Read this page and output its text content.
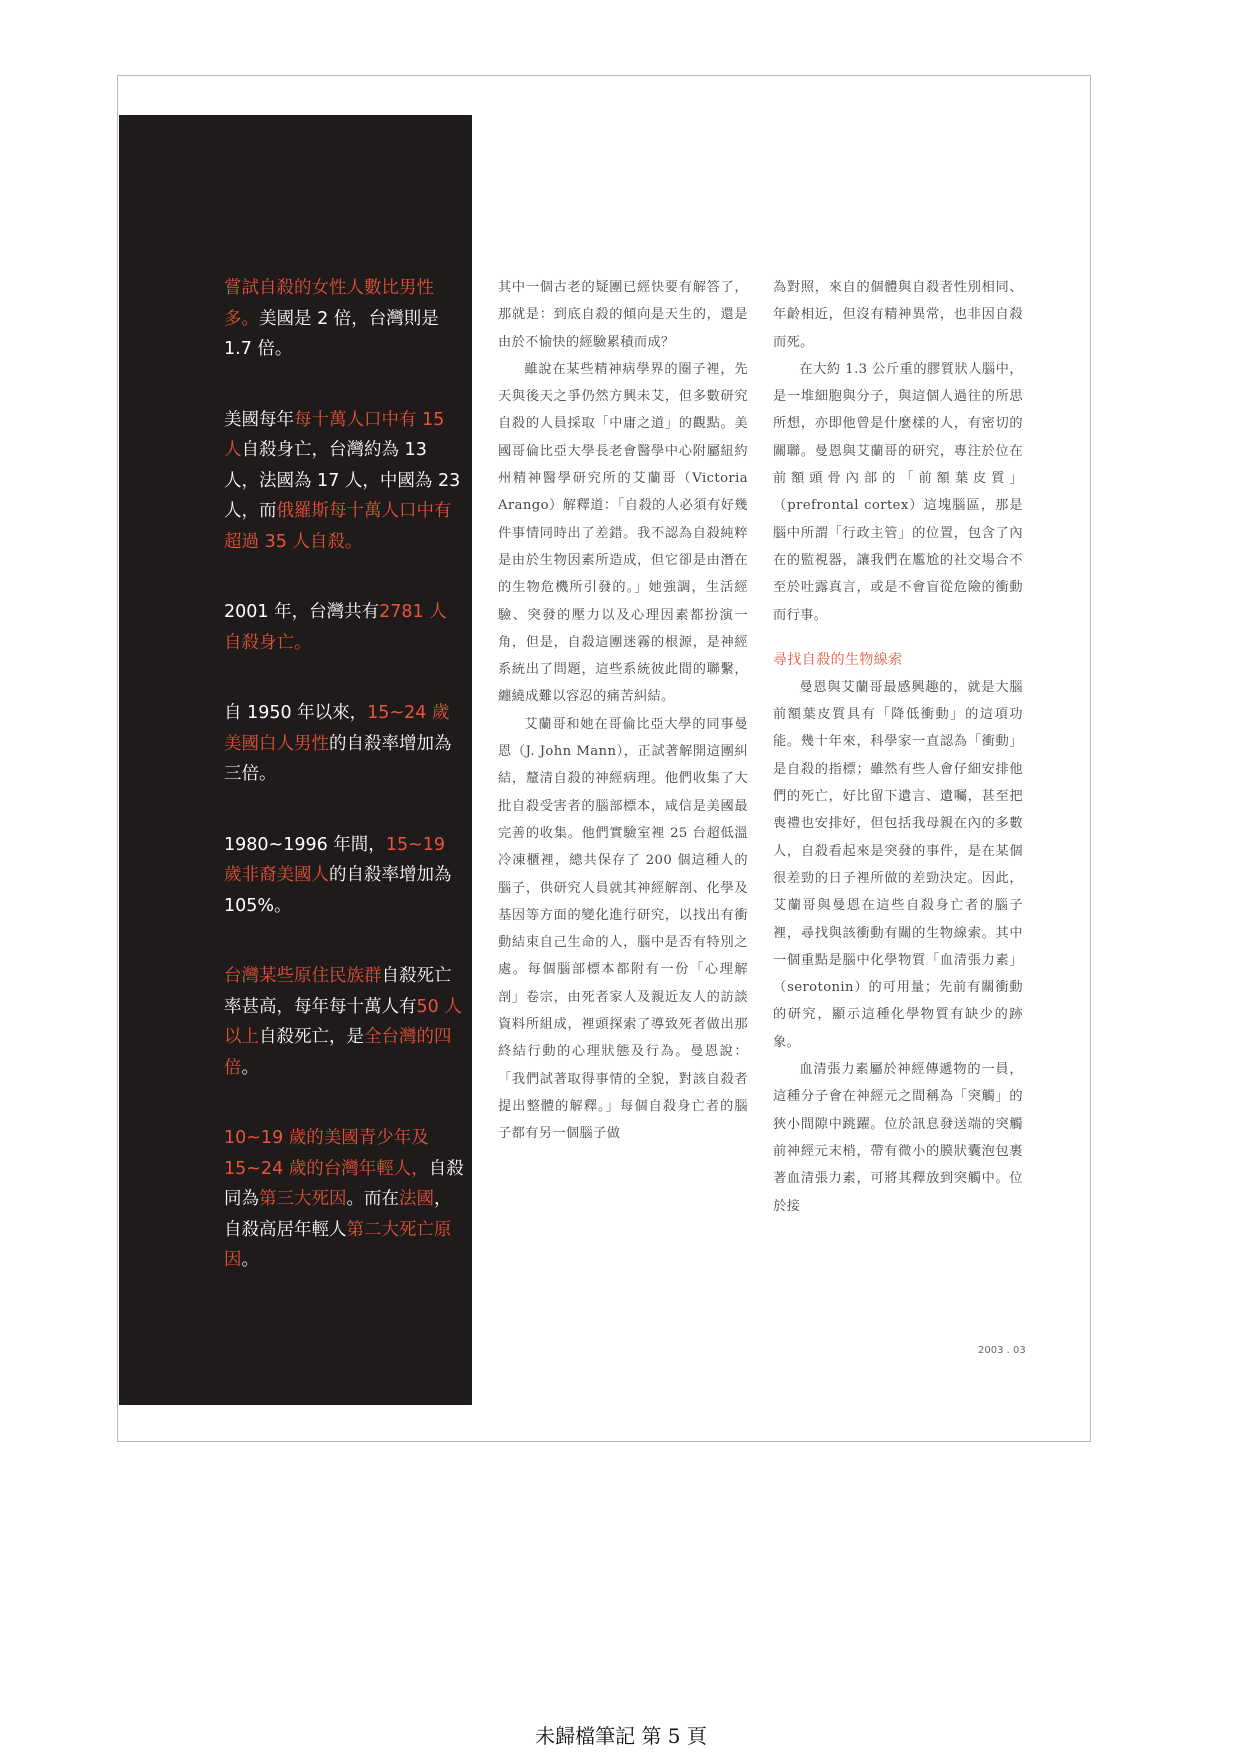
嘗試自殺的女性人數比男性多。美國是 2 倍，台灣則是 1.7 倍。

美國每年每十萬人口中有 15 人自殺身亡，台灣約為 13 人，法國為 17 人，中國為 23 人，而俄羅斯每十萬人口中有超過 35 人自殺。

2001 年，台灣共有2781 人自殺身亡。

自 1950 年以來，15~24 歲美國白人男性的自殺率增加為三倍。

1980~1996 年間，15~19 歲非裔美國人的自殺率增加為 105%。

台灣某些原住民族群自殺死亡率甚高，每年每十萬人有50 人以上自殺死亡，是全台灣的四倍。

10~19 歲的美國青少年及 15~24 歲的台灣年輕人，自殺同為第三大死因。而在法國，自殺高居年輕人第二大死亡原因。

其中一個古老的疑團已經快要有解答了，那就是：到底自殺的傾向是天生的，還是由於不愉快的經驗累積而成？

雖說在某些精神病學界的圈子裡，先天與後天之爭仍然方興未艾，但多數研究自殺的人員採取「中庸之道」的觀點。美國哥倫比亞大學長老會醫學中心附屬紐約州精神醫學研究所的艾蘭哥（Victoria Arango）解釋道：「自殺的人必須有好幾件事情同時出了差錯。我不認為自殺純粹是由於生物因素所造成，但它卻是由潛在的生物危機所引發的。」她強調，生活經驗、突發的壓力以及心理因素都扮演一角，但是，自殺這團迷霧的根源，是神經系統出了問題，這些系統彼此間的聯繫，纏繞成難以容忍的痛苦糾結。

艾蘭哥和她在哥倫比亞大學的同事曼恩（J. John Mann），正試著解開這團糾結，釐清自殺的神經病理。他們收集了大批自殺受害者的腦部標本，咸信是美國最完善的收集。他們實驗室裡 25 台超低溫冷凍櫃裡，總共保存了 200 個這種人的腦子，供研究人員就其神經解剖、化學及基因等方面的變化進行研究，以找出有衝動結束自己生命的人，腦中是否有特別之處。每個腦部標本都附有一份「心理解剖」卷宗，由死者家人及親近友人的訪談資料所組成，裡頭探索了導致死者做出那終結行動的心理狀態及行為。曼恩說：「我們試著取得事情的全貌，對該自殺者提出整體的解釋。」每個自殺身亡者的腦子都有另一個腦子做

為對照，來自的個體與自殺者性別相同、年齡相近，但沒有精神異常，也非因自殺而死。

在大約 1.3 公斤重的膠質狀人腦中，是一堆細胞與分子，與這個人過往的所思所想，亦即他曾是什麼樣的人，有密切的關聯。曼恩與艾蘭哥的研究，專注於位在前額頭骨內部的「前額葉皮質」（prefrontal cortex）這塊腦區，那是腦中所謂「行政主管」的位置，包含了內在的監視器，讓我們在尷尬的社交場合不至於吐露真言，或是不會盲從危險的衝動而行事。

尋找自殺的生物線索

曼恩與艾蘭哥最感興趣的，就是大腦前額葉皮質具有「降低衝動」的這項功能。幾十年來，科學家一直認為「衝動」是自殺的指標；雖然有些人會仔細安排他們的死亡，好比留下遺言、遺囑，甚至把喪禮也安排好，但包括我母親在內的多數人，自殺看起來是突發的事件，是在某個很差勁的日子裡所做的差勁決定。因此，艾蘭哥與曼恩在這些自殺身亡者的腦子裡，尋找與該衝動有關的生物線索。其中一個重點是腦中化學物質「血清張力素」（serotonin）的可用量；先前有關衝動的研究，顯示這種化學物質有缺少的跡象。

血清張力素屬於神經傳遞物的一員，這種分子會在神經元之間稱為「突觸」的狹小間隙中跳躍。位於訊息發送端的突觸前神經元末梢，帶有微小的膜狀囊泡包裹著血清張力素，可將其釋放到突觸中。位於接

2003 . 03
未歸檔筆記 第 5 頁
